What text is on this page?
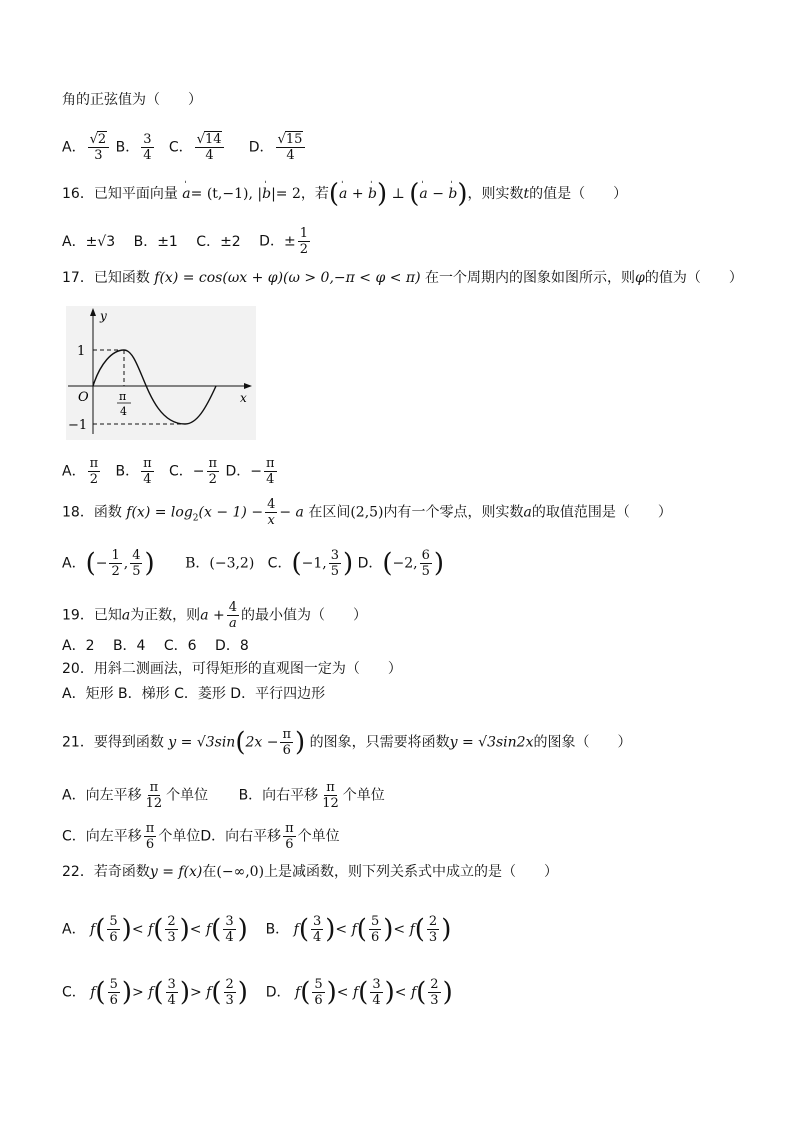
角的正弦值为（　　）
A． $\frac{√2}{3}$ B． $\frac{3}{4}$ C． $\frac{√14}{4}$ D． $\frac{√15}{4}$
16．已知平面向量 ˈ a= (t,−1), |ˈ b|= 2，若(ˈ a + ˈ b) ⊥ (ˈ a − ˈ b)，则实数t的值是（　　）
A．±√3 B．±1 C．±2 D．± $\frac{1}{2}$
17．已知函数 f(x) = cos(ωx + φ)(ω > 0,−π < φ < π) 在一个周期内的图象如图所示，则φ的值为（　　）
y
x
O
1
−1
π
4
A． $\frac{\pi}{2}$ B． $\frac{\pi}{4}$ C．− $\frac{\pi}{2}$ D．− $\frac{\pi}{4}$
18．函数 $f(x) = \log_2(x - 1) - \frac{4}{x} - a$ 在区间(2,5)内有一个零点，则实数a的取值范围是（　　）
A．(− $\frac{1}{2}$ , $\frac{4}{5}$ ) B．(−3,2) C．(−1, $\frac{3}{5}$ ) D．(−2, $\frac{6}{5}$ )
19．已知a为正数，则$a + \frac{4}{a}$ 的最小值为（　　）
A．2 B．4 C．6 D．8
20．用斜二测画法，可得矩形的直观图一定为（　　）
A．矩形 B．梯形 C．菱形 D．平行四边形
21．要得到函数 $y = √3\sin(2x - \frac{\pi}{6}$ ) 的图象，只需要将函数y = √3sin2x的图象（　　）
A．向左平移 $\frac{\pi}{12}$ 个单位 B．向右平移 $\frac{\pi}{12}$ 个单位
C．向左平移 $\frac{\pi}{6}$ 个单位D．向右平移 $\frac{\pi}{6}$ 个单位
22．若奇函数y = f(x)在(−∞,0)上是减函数，则下列关系式中成立的是（　　）
A． $f( \frac{5}{6}$ )< $f( \frac{2}{3}$ )< $f( \frac{3}{4}$ ) B． $f( \frac{3}{4}$ )< $f( \frac{5}{6}$ )< $f( \frac{2}{3}$ )
C． $f( \frac{5}{6}$ )> $f( \frac{3}{4}$ )> $f( \frac{2}{3}$ ) D． $f( \frac{5}{6}$ )< $f( \frac{3}{4}$ )< $f( \frac{2}{3}$ )
